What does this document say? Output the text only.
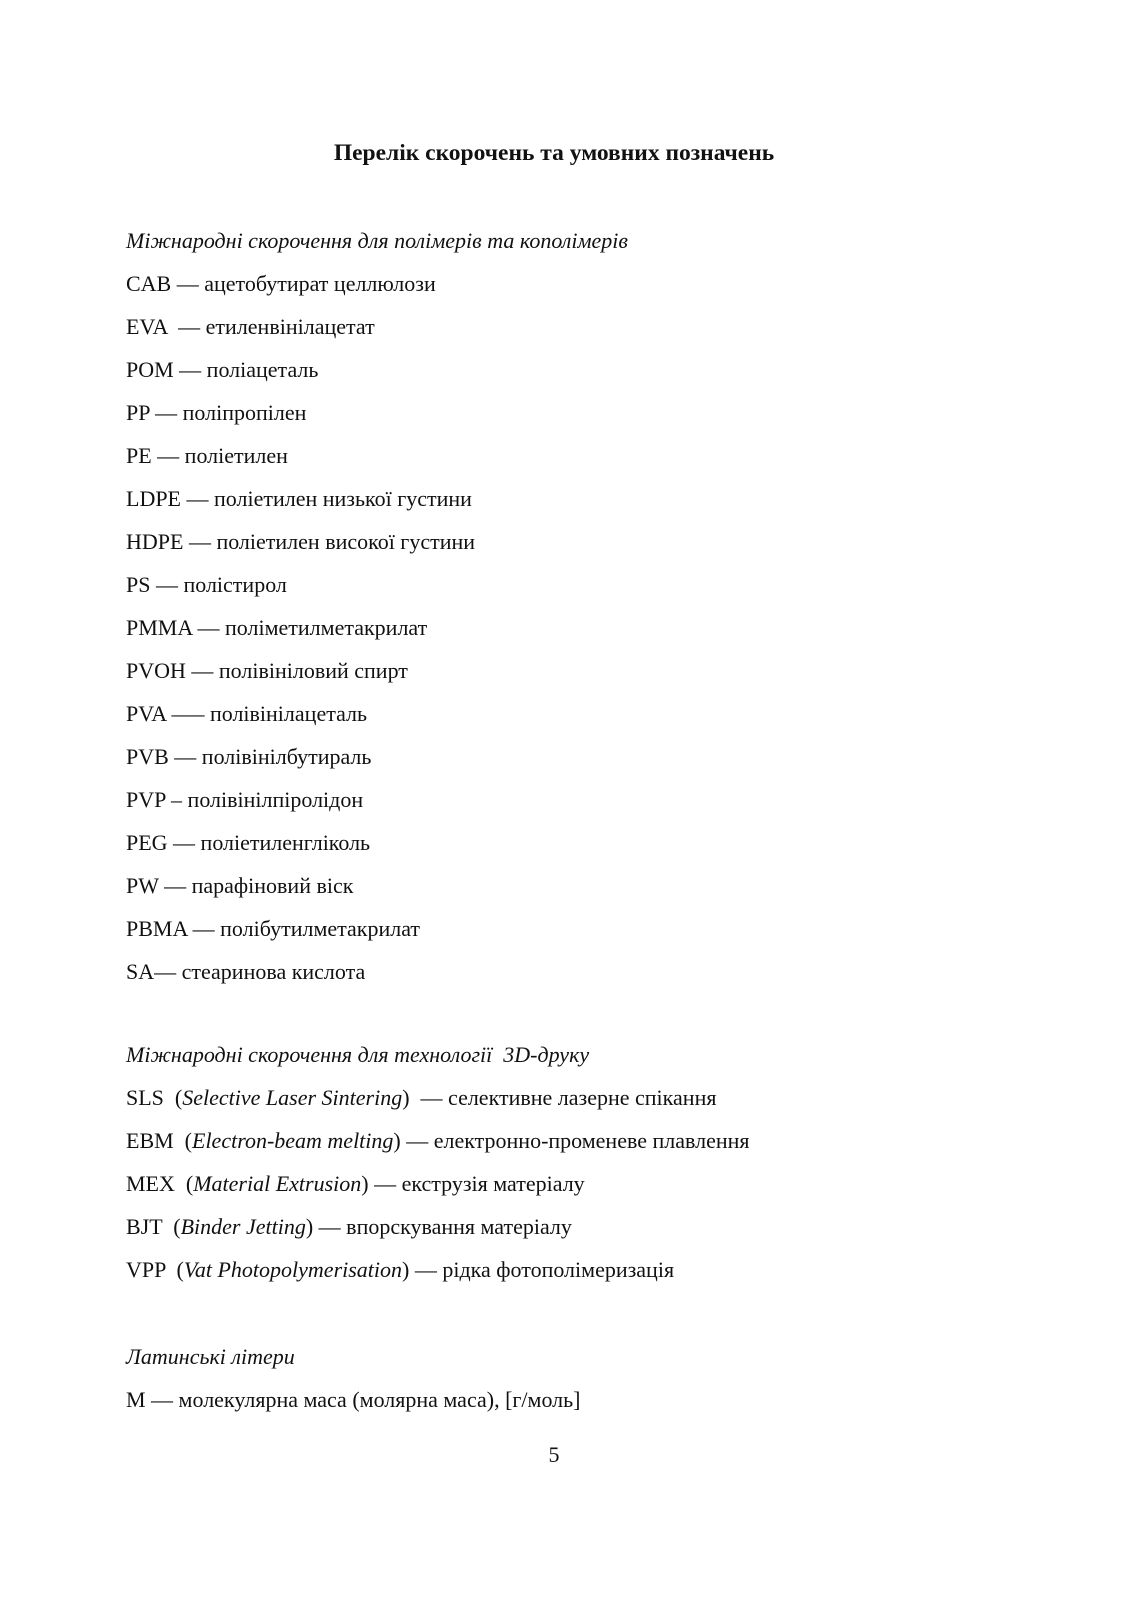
Перелік скорочень та умовних позначень
Міжнародні скорочення для полімерів та кополімерів
CAB — ацетобутират целлюлози
EVA  — етиленвінілацетат
POM — поліацеталь
PP — поліпропілен
PE — поліетилен
LDPE — поліетилен низької густини
HDPE — поліетилен високої густини
PS — полістирол
PMMA — поліметилметакрилат
PVOH — полівініловий спирт
PVA ––– полівінілацеталь
PVB — полівінілбутираль
PVP – полівінілпіролідон
PEG — поліетиленгліколь
PW — парафіновий віск
PBMA — полібутилметакрилат
SA— стеаринова кислота
Міжнародні скорочення для технології  3D-друку
SLS  (Selective Laser Sintering)  — селективне лазерне спікання
EBM  (Electron-beam melting) — електронно-променеве плавлення
MEX  (Material Extrusion) — екструзія матеріалу
BJT  (Binder Jetting) — впорскування матеріалу
VPP  (Vat Photopolymerisation) — рідка фотополімеризація
Латинські літери
M — молекулярна маса (молярна маса), [г/моль]
5
